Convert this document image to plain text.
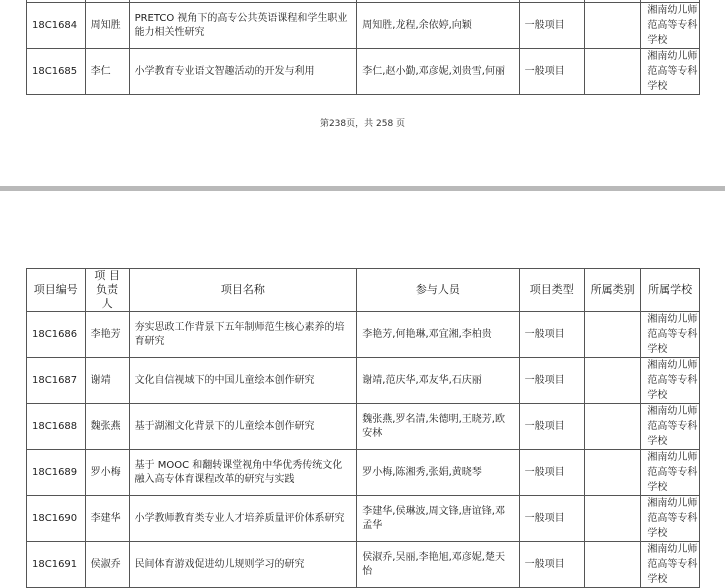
18C1684	周知胜	PRETCO 视角下的高专公共英语课程和学生职业能力相关性研究	周知胜,龙程,余依婷,向颖	一般项目		湘南幼儿师范高等专科学校
18C1685	李仁	小学教育专业语文智趣活动的开发与利用	李仁,赵小勤,邓彦妮,刘贵雪,何丽	一般项目		湘南幼儿师范高等专科学校
第238页，共 258 页
项目编号	项 目 负责人	项目名称	参与人员	项目类型	所属类别	所属学校
18C1686	李艳芳	夯实思政工作背景下五年制师范生核心素养的培育研究	李艳芳,何艳琳,邓宜湘,李柏贵	一般项目		湘南幼儿师范高等专科学校
18C1687	谢靖	文化自信视域下的中国儿童绘本创作研究	谢靖,范庆华,邓友华,石庆丽	一般项目		湘南幼儿师范高等专科学校
18C1688	魏张燕	基于湖湘文化背景下的儿童绘本创作研究	魏张燕,罗名清,朱德明,王晓芳,欧安林	一般项目		湘南幼儿师范高等专科学校
18C1689	罗小梅	基于 MOOC 和翻转课堂视角中华优秀传统文化融入高专体育课程改革的研究与实践	罗小梅,陈湘秀,张娟,黄晓琴	一般项目		湘南幼儿师范高等专科学校
18C1690	李建华	小学教师教育类专业人才培养质量评价体系研究	李建华,侯琳波,周文锋,唐谊锋,邓孟华	一般项目		湘南幼儿师范高等专科学校
18C1691	侯淑乔	民间体育游戏促进幼儿规则学习的研究	侯淑乔,吴丽,李艳旭,邓彦妮,楚天怡	一般项目		湘南幼儿师范高等专科学校
